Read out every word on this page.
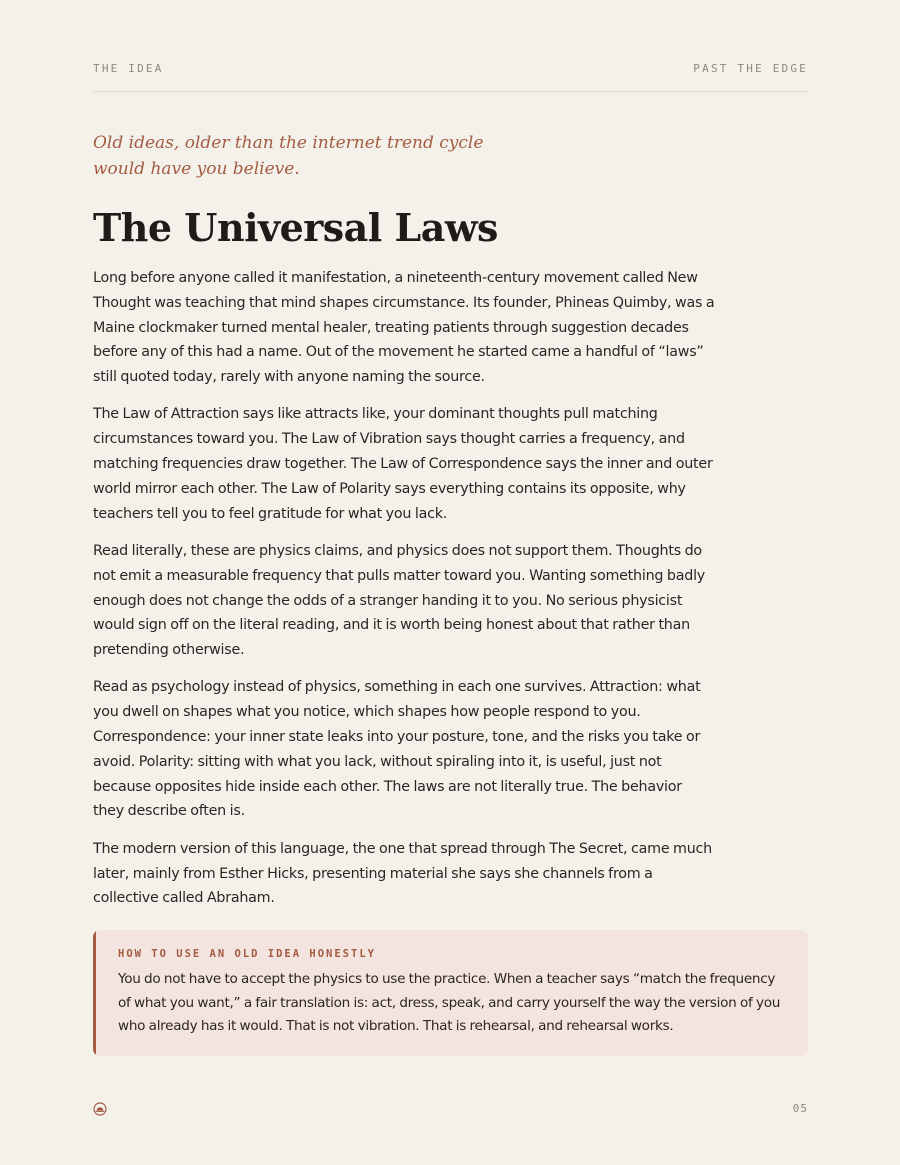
THE IDEA	PAST THE EDGE
Old ideas, older than the internet trend cycle would have you believe.
The Universal Laws

Long before anyone called it manifestation, a nineteenth-century movement called New Thought was teaching that mind shapes circumstance. Its founder, Phineas Quimby, was a Maine clockmaker turned mental healer, treating patients through suggestion decades before any of this had a name. Out of the movement he started came a handful of “laws” still quoted today, rarely with anyone naming the source.

The Law of Attraction says like attracts like, your dominant thoughts pull matching circumstances toward you. The Law of Vibration says thought carries a frequency, and matching frequencies draw together. The Law of Correspondence says the inner and outer world mirror each other. The Law of Polarity says everything contains its opposite, why teachers tell you to feel gratitude for what you lack.

Read literally, these are physics claims, and physics does not support them. Thoughts do not emit a measurable frequency that pulls matter toward you. Wanting something badly enough does not change the odds of a stranger handing it to you. No serious physicist would sign off on the literal reading, and it is worth being honest about that rather than pretending otherwise.

Read as psychology instead of physics, something in each one survives. Attraction: what you dwell on shapes what you notice, which shapes how people respond to you. Correspondence: your inner state leaks into your posture, tone, and the risks you take or avoid. Polarity: sitting with what you lack, without spiraling into it, is useful, just not because opposites hide inside each other. The laws are not literally true. The behavior they describe often is.

The modern version of this language, the one that spread through The Secret, came much later, mainly from Esther Hicks, presenting material she says she channels from a collective called Abraham.

HOW TO USE AN OLD IDEA HONESTLY

You do not have to accept the physics to use the practice. When a teacher says “match the frequency of what you want,” a fair translation is: act, dress, speak, and carry yourself the way the version of you who already has it would. That is not vibration. That is rehearsal, and rehearsal works.

05
